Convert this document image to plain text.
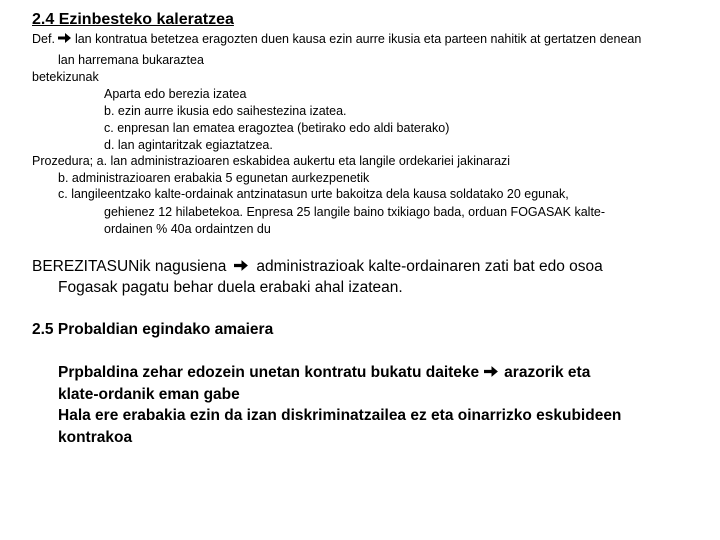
2.4 Ezinbesteko kaleratzea
Def. lan kontratua betetzea eragozten duen kausa ezin aurre ikusia eta parteen nahitik at gertatzen denean
lan harremana bukaraztea
betekizunak
Aparta edo berezia izatea
b. ezin aurre ikusia edo saihestezina izatea.
c. enpresan lan ematea eragoztea (betirako edo aldi baterako)
d. lan agintaritzak egiaztatzea.
Prozedura; a. lan administrazioaren eskabidea aukertu eta langile ordekariei jakinarazi
b. administrazioaren erabakia 5 egunetan aurkezpenetik
c. langileentzako kalte-ordainak antzinatasun urte bakoitza dela kausa soldatako 20 egunak,
gehienez 12 hilabetekoa. Enpresa 25 langile baino txikiago bada, orduan FOGASAK kalte-
ordainen % 40a ordaintzen du
BEREZITASUNik nagusiena administrazioak kalte-ordainaren zati bat edo osoa
Fogasak pagatu behar duela erabaki ahal izatean.
2.5 Probaldian egindako amaiera
Prpbaldina zehar edozein unetan kontratu bukatu daiteke arazorik eta
klate-ordanik eman gabe
Hala ere erabakia ezin da izan diskriminatzailea ez eta oinarrizko eskubideen
kontrakoa
